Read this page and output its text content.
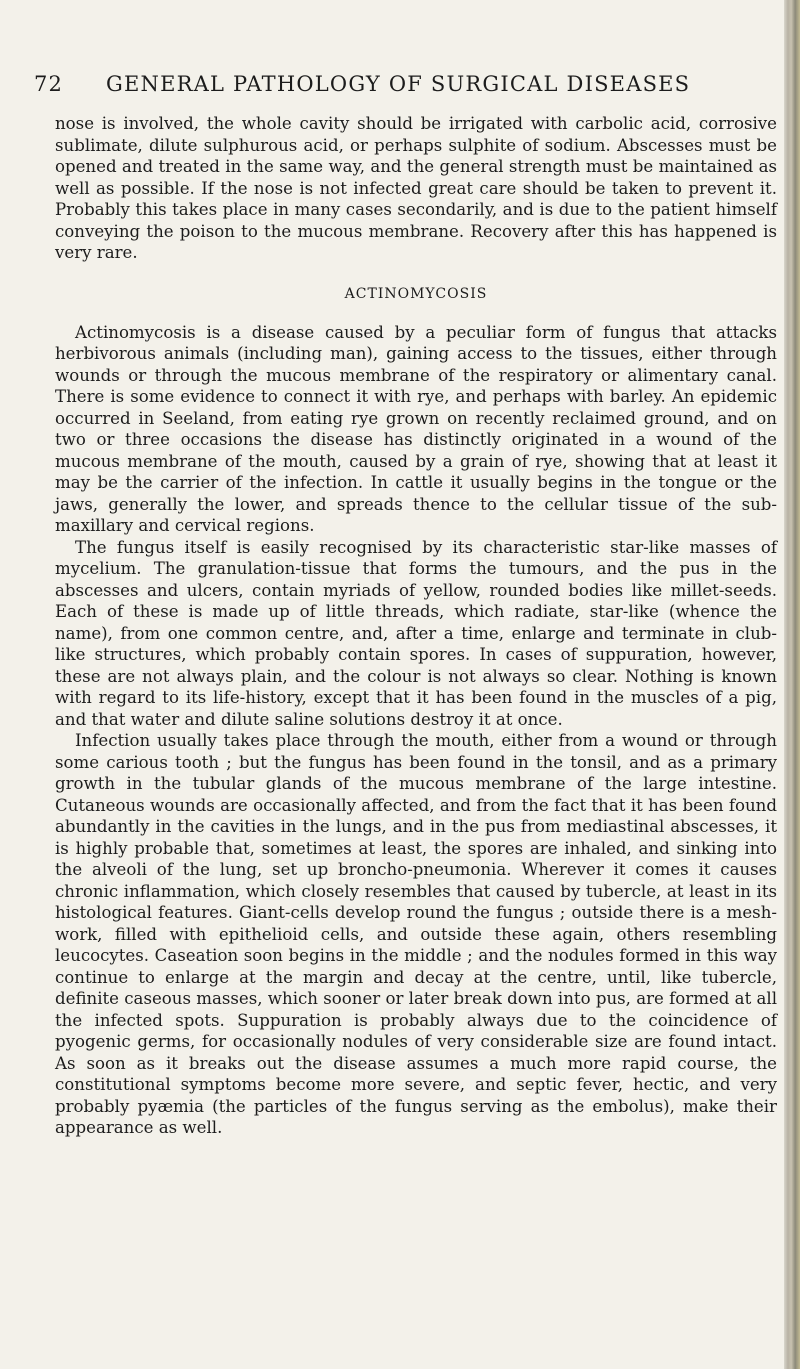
72 GENERAL PATHOLOGY OF SURGICAL DISEASES

nose is involved, the whole cavity should be irrigated with carbolic acid, corrosive sublimate, dilute sulphurous acid, or perhaps sulphite of sodium. Abscesses must be opened and treated in the same way, and the general strength must be maintained as well as possible. If the nose is not infected great care should be taken to prevent it. Probably this takes place in many cases secondarily, and is due to the patient himself conveying the poison to the mucous membrane. Recovery after this has happened is very rare.

ACTINOMYCOSIS

Actinomycosis is a disease caused by a peculiar form of fungus that attacks herbivorous animals (including man), gaining access to the tissues, either through wounds or through the mucous membrane of the respiratory or alimentary canal. There is some evidence to connect it with rye, and perhaps with barley. An epidemic occurred in Seeland, from eating rye grown on recently reclaimed ground, and on two or three occasions the disease has distinctly originated in a wound of the mucous membrane of the mouth, caused by a grain of rye, showing that at least it may be the carrier of the infection. In cattle it usually begins in the tongue or the jaws, generally the lower, and spreads thence to the cellular tissue of the sub-maxillary and cervical regions.

The fungus itself is easily recognised by its characteristic star-like masses of mycelium. The granulation-tissue that forms the tumours, and the pus in the abscesses and ulcers, contain myriads of yellow, rounded bodies like millet-seeds. Each of these is made up of little threads, which radiate, star-like (whence the name), from one common centre, and, after a time, enlarge and terminate in club-like structures, which probably contain spores. In cases of suppuration, however, these are not always plain, and the colour is not always so clear. Nothing is known with regard to its life-history, except that it has been found in the muscles of a pig, and that water and dilute saline solutions destroy it at once.

Infection usually takes place through the mouth, either from a wound or through some carious tooth ; but the fungus has been found in the tonsil, and as a primary growth in the tubular glands of the mucous membrane of the large intestine. Cutaneous wounds are occasionally affected, and from the fact that it has been found abundantly in the cavities in the lungs, and in the pus from mediastinal abscesses, it is highly probable that, sometimes at least, the spores are inhaled, and sinking into the alveoli of the lung, set up broncho-pneumonia. Wherever it comes it causes chronic inflammation, which closely resembles that caused by tubercle, at least in its histological features. Giant-cells develop round the fungus ; outside there is a mesh-work, filled with epithelioid cells, and outside these again, others resembling leucocytes. Caseation soon begins in the middle ; and the nodules formed in this way continue to enlarge at the margin and decay at the centre, until, like tubercle, definite caseous masses, which sooner or later break down into pus, are formed at all the infected spots. Suppuration is probably always due to the coincidence of pyogenic germs, for occasionally nodules of very considerable size are found intact. As soon as it breaks out the disease assumes a much more rapid course, the constitutional symptoms become more severe, and septic fever, hectic, and very probably pyæmia (the particles of the fungus serving as the embolus), make their appearance as well.
